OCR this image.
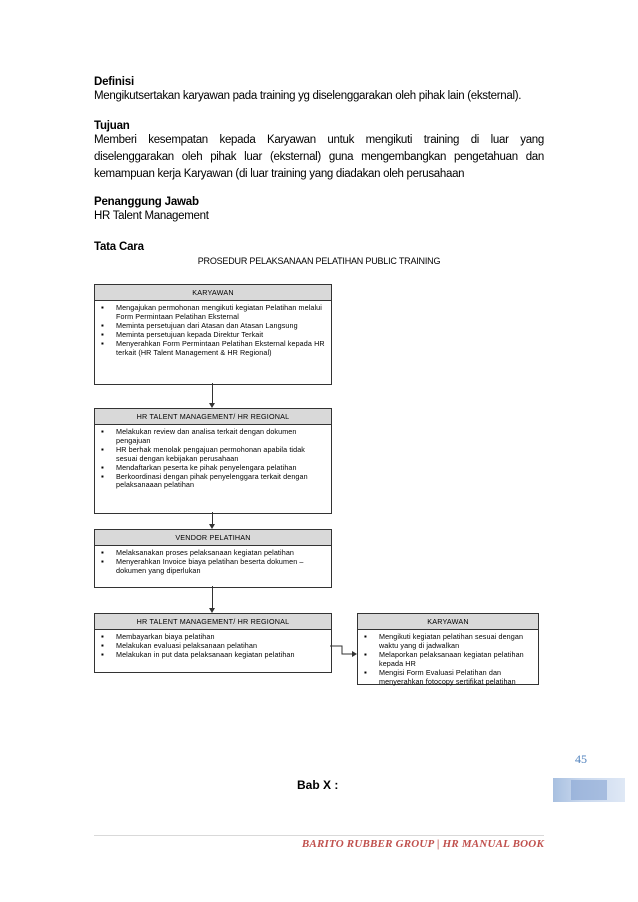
Definisi
Mengikutsertakan karyawan pada training yg diselenggarakan oleh pihak lain (eksternal).
Tujuan
Memberi kesempatan kepada Karyawan untuk mengikuti training di luar yang diselenggarakan oleh pihak luar (eksternal) guna mengembangkan pengetahuan dan kemampuan kerja Karyawan (di luar training yang diadakan oleh perusahaan
Penanggung Jawab
HR Talent Management
Tata Cara
PROSEDUR PELAKSANAAN PELATIHAN PUBLIC TRAINING
KARYAWAN
▪ Mengajukan permohonan mengikuti kegiatan Pelatihan melalui Form Permintaan Pelatihan Eksternal
▪ Meminta persetujuan dari Atasan dan Atasan Langsung
▪ Meminta persetujuan kepada Direktur Terkait
▪ Menyerahkan Form Permintaan Pelatihan Eksternal kepada HR terkait (HR Talent Management & HR Regional)
HR TALENT MANAGEMENT/ HR REGIONAL
▪ Melakukan review dan analisa terkait dengan dokumen pengajuan
▪ HR berhak menolak pengajuan permohonan apabila tidak sesuai dengan kebijakan perusahaan
▪ Mendaftarkan peserta ke pihak penyelengara pelatihan
▪ Berkoordinasi dengan pihak penyelenggara terkait dengan pelaksanaaan pelatihan
VENDOR PELATIHAN
▪ Melaksanakan proses pelaksanaan kegiatan pelatihan
▪ Menyerahkan Invoice biaya pelatihan beserta dokumen – dokumen yang diperlukan
HR TALENT MANAGEMENT/ HR REGIONAL
▪ Membayarkan biaya pelatihan
▪ Melakukan evaluasi pelaksanaan pelatihan
▪ Melakukan in put data pelaksanaan kegiatan pelatihan
KARYAWAN
▪ Mengikuti kegiatan pelatihan sesuai dengan waktu yang di jadwalkan
▪ Melaporkan pelaksanaan kegiatan pelatihan kepada HR
▪ Mengisi Form Evaluasi Pelatihan dan menyerahkan fotocopy sertifikat pelatihan
45
Bab X :
BARITO RUBBER GROUP | HR MANUAL BOOK
